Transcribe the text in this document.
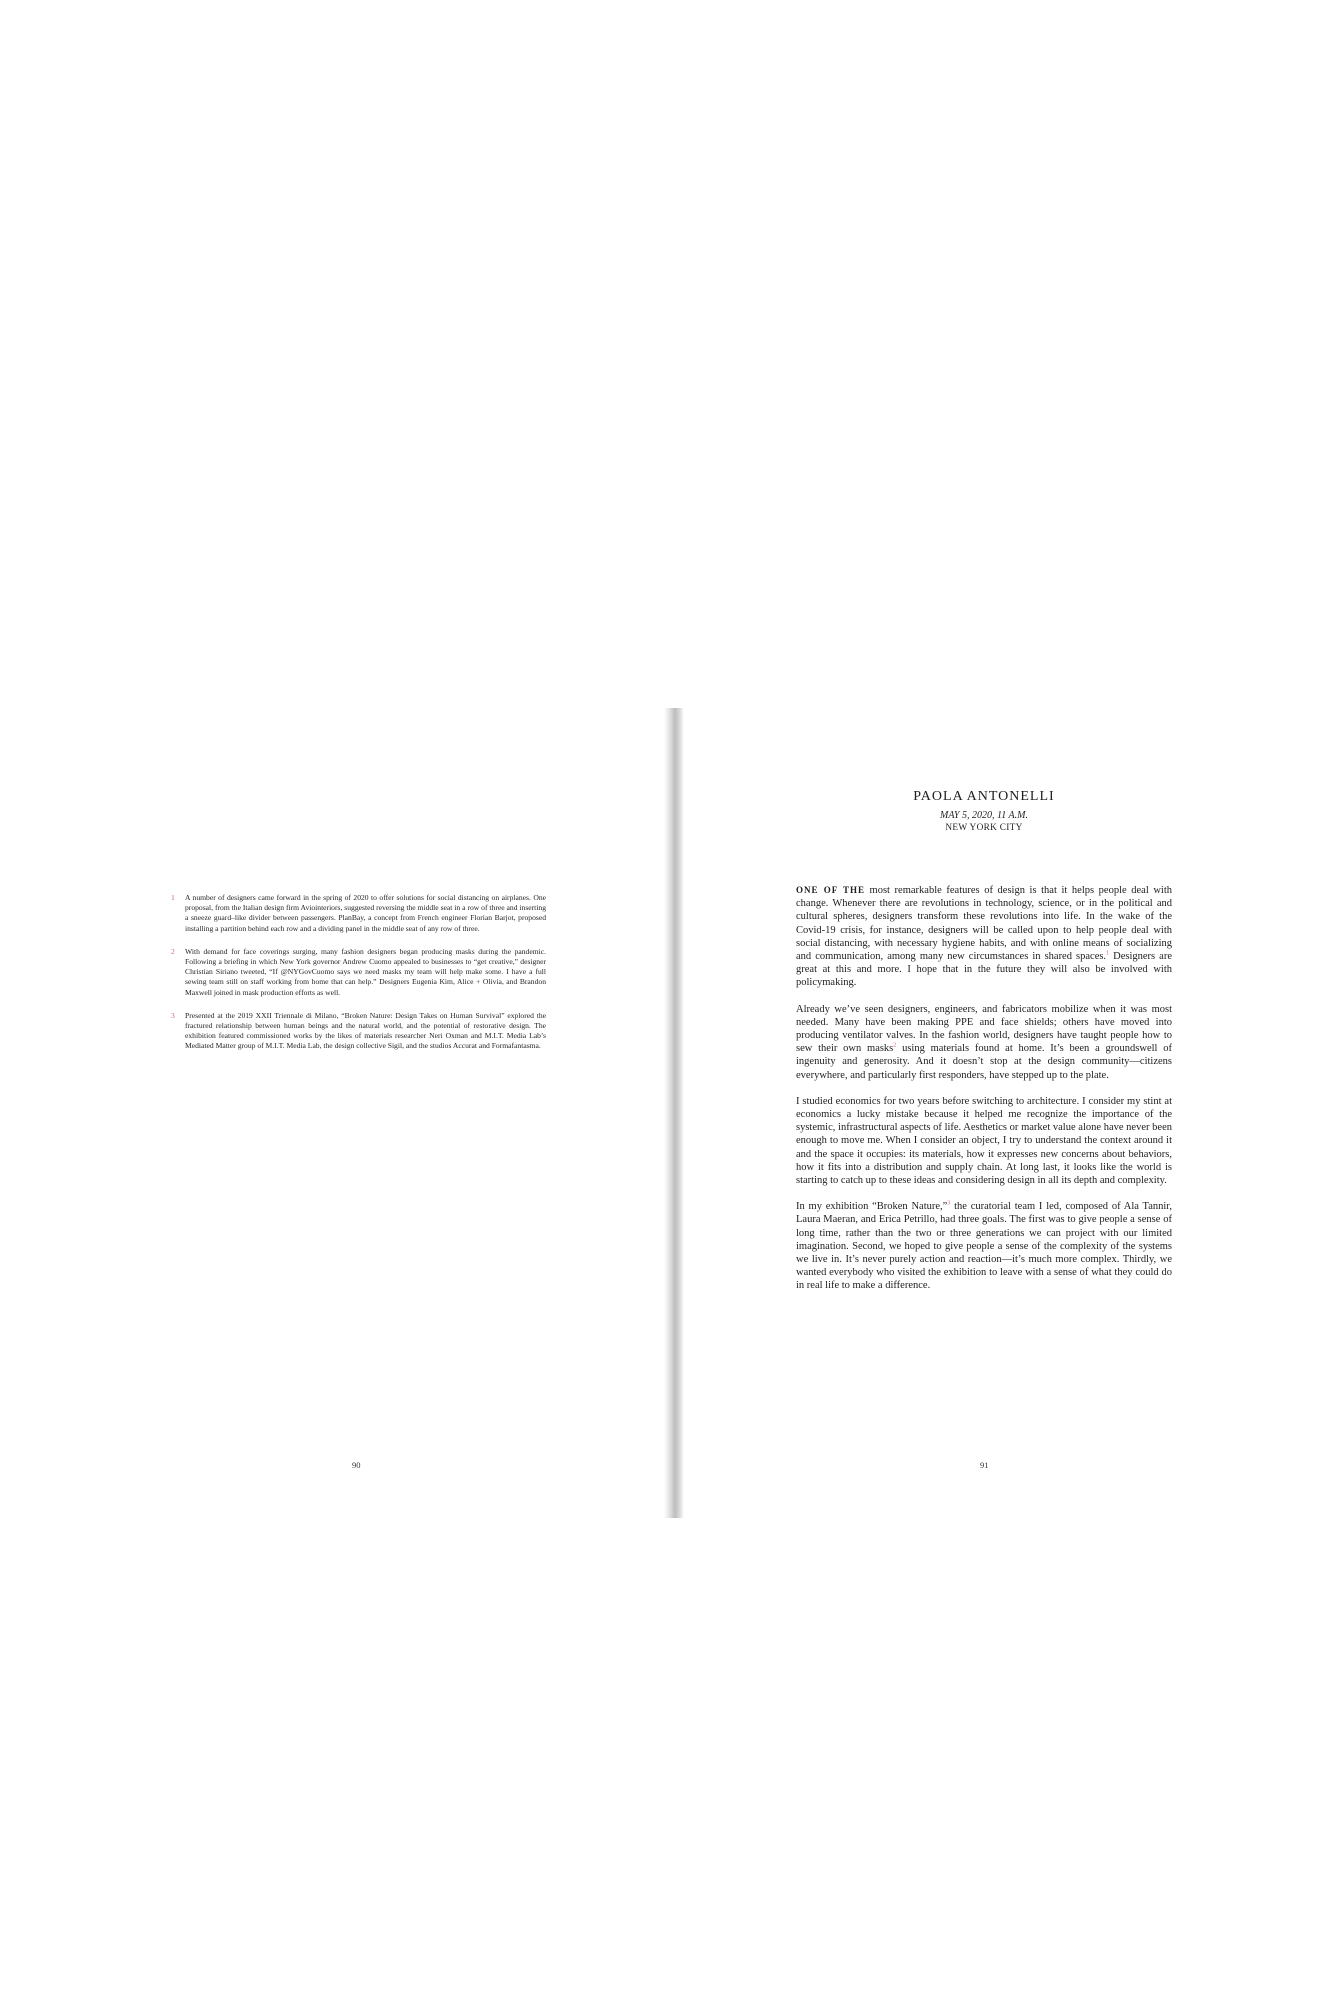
1 A number of designers came forward in the spring of 2020 to offer solutions for social distancing on airplanes. One proposal, from the Italian design firm Aviointeriors, suggested reversing the middle seat in a row of three and inserting a sneeze guard–like divider between passengers. PlanBay, a concept from French engineer Florian Barjot, proposed installing a partition behind each row and a dividing panel in the middle seat of any row of three.
2 With demand for face coverings surging, many fashion designers began producing masks during the pandemic. Following a briefing in which New York governor Andrew Cuomo appealed to businesses to “get creative,” designer Christian Siriano tweeted, “If @NYGovCuomo says we need masks my team will help make some. I have a full sewing team still on staff working from home that can help.” Designers Eugenia Kim, Alice + Olivia, and Brandon Maxwell joined in mask production efforts as well.
3 Presented at the 2019 XXII Triennale di Milano, “Broken Nature: Design Takes on Human Survival” explored the fractured relationship between human beings and the natural world, and the potential of restorative design. The exhibition featured commissioned works by the likes of materials researcher Neri Oxman and M.I.T. Media Lab’s Mediated Matter group of M.I.T. Media Lab, the design collective Sigil, and the studios Accurat and Formafantasma.
90
PAOLA ANTONELLI
MAY 5, 2020, 11 A.M.
NEW YORK CITY

ONE OF THE most remarkable features of design is that it helps people deal with change. Whenever there are revolutions in technology, science, or in the political and cultural spheres, designers transform these revolutions into life. In the wake of the Covid-19 crisis, for instance, designers will be called upon to help people deal with social distancing, with necessary hygiene habits, and with online means of socializing and communication, among many new circumstances in shared spaces.$^1$ Designers are great at this and more. I hope that in the future they will also be involved with policymaking.

Already we’ve seen designers, engineers, and fabricators mobilize when it was most needed. Many have been making PPE and face shields; others have moved into producing ventilator valves. In the fashion world, designers have taught people how to sew their own masks$^2$ using materials found at home. It’s been a groundswell of ingenuity and generosity. And it doesn’t stop at the design community—citizens everywhere, and particularly first responders, have stepped up to the plate.

I studied economics for two years before switching to architecture. I consider my stint at economics a lucky mistake because it helped me recognize the importance of the systemic, infrastructural aspects of life. Aesthetics or market value alone have never been enough to move me. When I consider an object, I try to understand the context around it and the space it occupies: its materials, how it expresses new concerns about behaviors, how it fits into a distribution and supply chain. At long last, it looks like the world is starting to catch up to these ideas and considering design in all its depth and complexity.

In my exhibition “Broken Nature,”$^3$ the curatorial team I led, composed of Ala Tannir, Laura Maeran, and Erica Petrillo, had three goals. The first was to give people a sense of long time, rather than the two or three generations we can project with our limited imagination. Second, we hoped to give people a sense of the complexity of the systems we live in. It’s never purely action and reaction—it’s much more complex. Thirdly, we wanted everybody who visited the exhibition to leave with a sense of what they could do in real life to make a difference.

91
